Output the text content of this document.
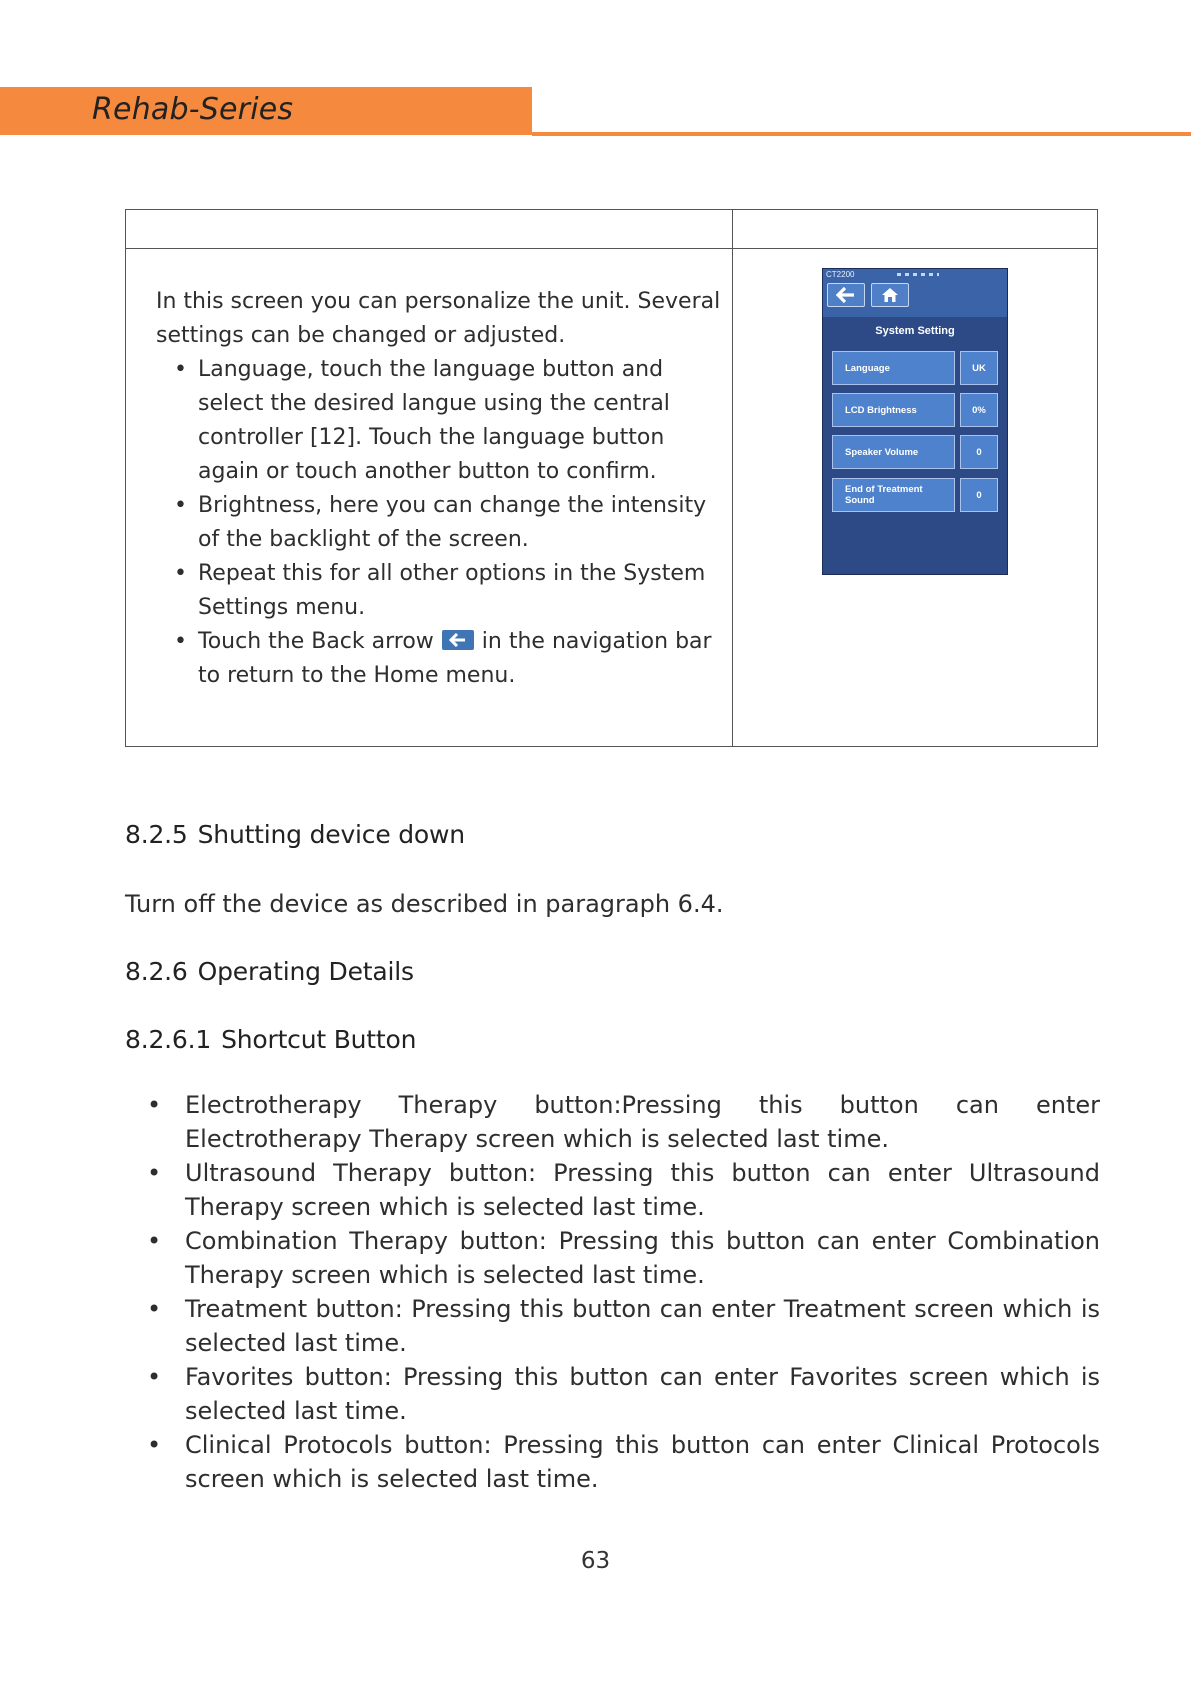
Rehab-Series

In this screen you can personalize the unit. Several settings can be changed or adjusted.

• Language, touch the language button and select the desired langue using the central controller [12]. Touch the language button again or touch another button to confirm.
• Brightness, here you can change the intensity of the backlight of the screen.
• Repeat this for all other options in the System Settings menu.
• Touch the Back arrow in the navigation bar to return to the Home menu.
CT2200
System Setting
Language	UK
LCD Brightness	0%
Speaker Volume	0
End of Treatment Sound	0
8.2.5 Shutting device down
Turn off the device as described in paragraph 6.4.
8.2.6 Operating Details
8.2.6.1 Shortcut Button
• Electrotherapy Therapy button:Pressing this button can enter Electrotherapy Therapy screen which is selected last time.
• Ultrasound Therapy button: Pressing this button can enter Ultrasound Therapy screen which is selected last time.
• Combination Therapy button: Pressing this button can enter Combination Therapy screen which is selected last time.
• Treatment button: Pressing this button can enter Treatment screen which is selected last time.
• Favorites button: Pressing this button can enter Favorites screen which is selected last time.
• Clinical Protocols button: Pressing this button can enter Clinical Protocols screen which is selected last time.
63
